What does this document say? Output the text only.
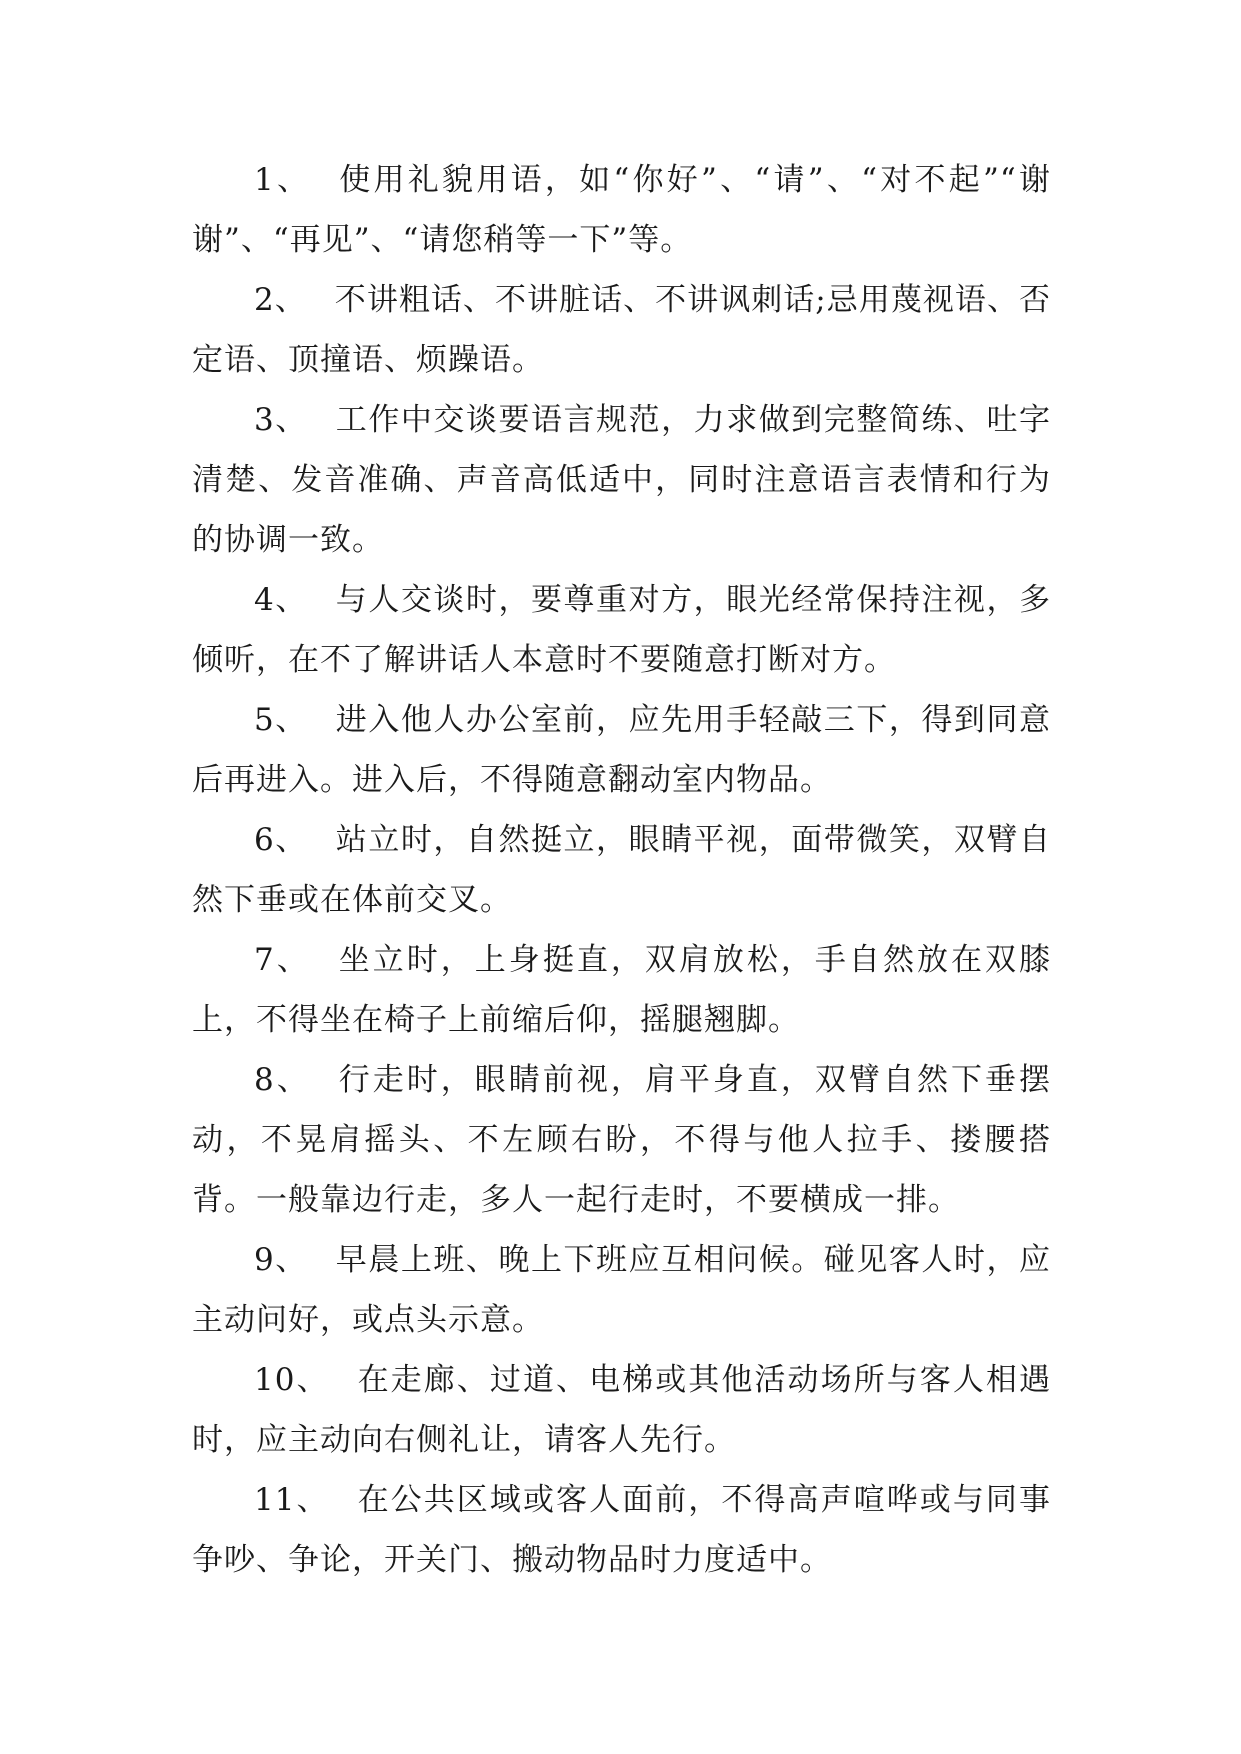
1、 使用礼貌用语，如“你好”、“请”、“对不起”“谢谢”、“再见”、“请您稍等一下”等。

2、 不讲粗话、不讲脏话、不讲讽刺话;忌用蔑视语、否定语、顶撞语、烦躁语。

3、 工作中交谈要语言规范，力求做到完整简练、吐字清楚、发音准确、声音高低适中，同时注意语言表情和行为的协调一致。

4、 与人交谈时，要尊重对方，眼光经常保持注视，多倾听，在不了解讲话人本意时不要随意打断对方。

5、 进入他人办公室前，应先用手轻敲三下，得到同意后再进入。进入后，不得随意翻动室内物品。

6、 站立时，自然挺立，眼睛平视，面带微笑，双臂自然下垂或在体前交叉。

7、 坐立时，上身挺直，双肩放松，手自然放在双膝上，不得坐在椅子上前缩后仰，摇腿翘脚。

8、 行走时，眼睛前视，肩平身直，双臂自然下垂摆动，不晃肩摇头、不左顾右盼，不得与他人拉手、搂腰搭背。一般靠边行走，多人一起行走时，不要横成一排。

9、 早晨上班、晚上下班应互相问候。碰见客人时，应主动问好，或点头示意。

10、 在走廊、过道、电梯或其他活动场所与客人相遇时，应主动向右侧礼让，请客人先行。

11、 在公共区域或客人面前，不得高声喧哗或与同事争吵、争论，开关门、搬动物品时力度适中。
